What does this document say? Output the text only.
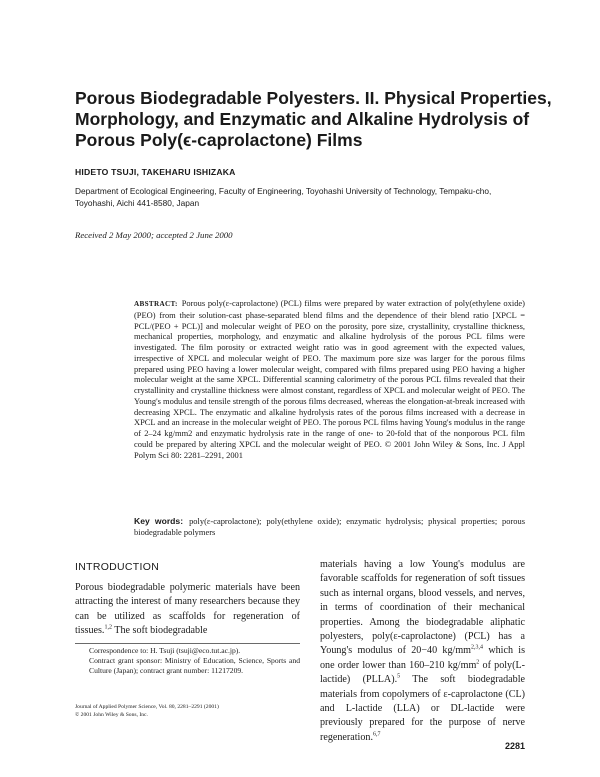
Porous Biodegradable Polyesters. II. Physical Properties,
Morphology, and Enzymatic and Alkaline Hydrolysis of
Porous Poly(ϵ-caprolactone) Films
HIDETO TSUJI, TAKEHARU ISHIZAKA
Department of Ecological Engineering, Faculty of Engineering, Toyohashi University of Technology, Tempaku-cho,
Toyohashi, Aichi 441-8580, Japan
Received 2 May 2000; accepted 2 June 2000
ABSTRACT: Porous poly(ε-caprolactone) (PCL) films were prepared by water extraction of poly(ethylene oxide) (PEO) from their solution-cast phase-separated blend films and the dependence of their blend ratio [XPCL = PCL/(PEO + PCL)] and molecular weight of PEO on the porosity, pore size, crystallinity, crystalline thickness, mechanical properties, morphology, and enzymatic and alkaline hydrolysis of the porous PCL films were investigated. The film porosity or extracted weight ratio was in good agreement with the expected values, irrespective of XPCL and molecular weight of PEO. The maximum pore size was larger for the porous films prepared using PEO having a lower molecular weight, compared with films prepared using PEO having a higher molecular weight at the same XPCL. Differential scanning calorimetry of the porous PCL films revealed that their crystallinity and crystalline thickness were almost constant, regardless of XPCL and molecular weight of PEO. The Young's modulus and tensile strength of the porous films decreased, whereas the elongation-at-break increased with decreasing XPCL. The enzymatic and alkaline hydrolysis rates of the porous films increased with a decrease in XPCL and an increase in the molecular weight of PEO. The porous PCL films having Young's modulus in the range of 2–24 kg/mm2 and enzymatic hydrolysis rate in the range of one- to 20-fold that of the nonporous PCL film could be prepared by altering XPCL and the molecular weight of PEO. © 2001 John Wiley & Sons, Inc. J Appl Polym Sci 80: 2281–2291, 2001
Key words: poly(ε-caprolactone); poly(ethylene oxide); enzymatic hydrolysis; physical properties; porous biodegradable polymers
INTRODUCTION
Porous biodegradable polymeric materials have been attracting the interest of many researchers because they can be utilized as scaffolds for regeneration of tissues.$^{1,2}$ The soft biodegradable
Correspondence to: H. Tsuji (tsuji@eco.tut.ac.jp).
Contract grant sponsor: Ministry of Education, Science, Sports and Culture (Japan); contract grant number: 11217209.
Journal of Applied Polymer Science, Vol. 80, 2281–2291 (2001)
© 2001 John Wiley & Sons, Inc.
materials having a low Young's modulus are favorable scaffolds for regeneration of soft tissues such as internal organs, blood vessels, and nerves, in terms of coordination of their mechanical properties. Among the biodegradable aliphatic polyesters, poly(ε-caprolactone) (PCL) has a Young's modulus of 20−40 kg/mm$^{2,3,4}$ which is one order lower than 160–210 $kg/mm^2$ of poly(L-lactide) (PLLA).$^5$ The soft biodegradable materials from copolymers of ε-caprolactone (CL) and L-lactide (LLA) or DL-lactide were previously prepared for the purpose of nerve regeneration.$^{6,7}$
2281
